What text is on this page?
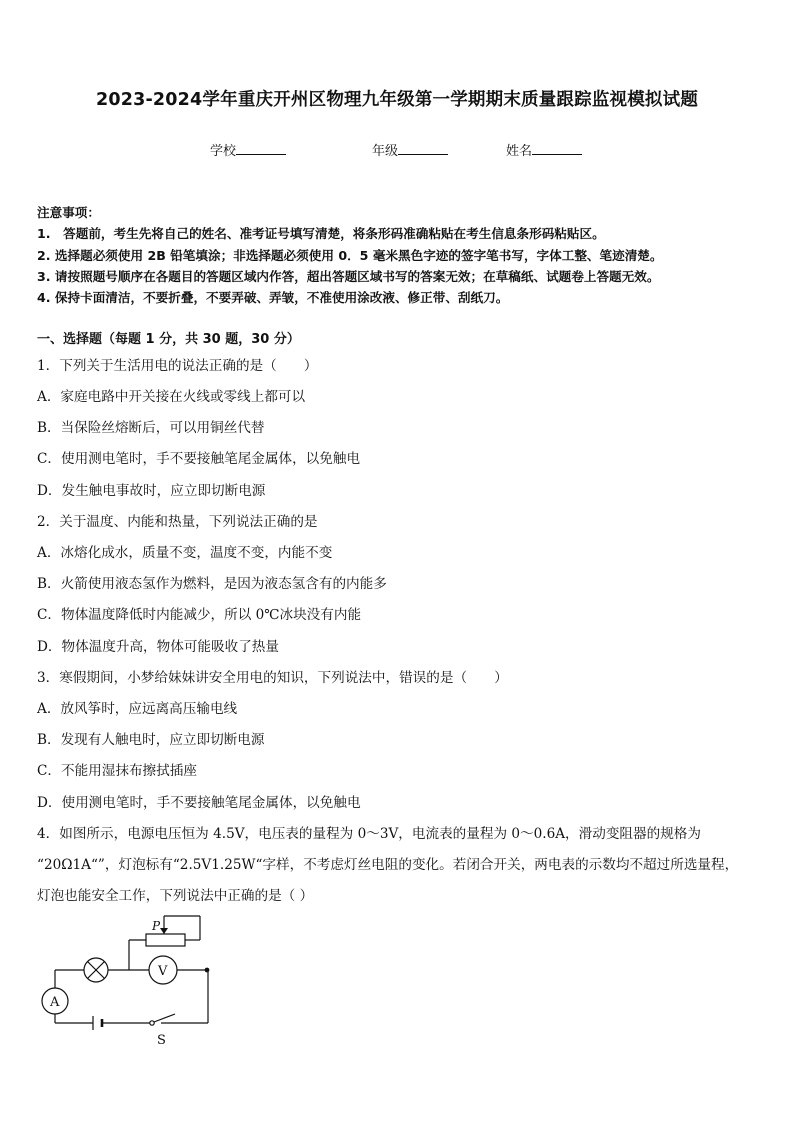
2023-2024学年重庆开州区物理九年级第一学期期末质量跟踪监视模拟试题
学校	年级	姓名
注意事项：
1.　答题前，考生先将自己的姓名、准考证号填写清楚，将条形码准确粘贴在考生信息条形码粘贴区。
2. 选择题必须使用 2B 铅笔填涂；非选择题必须使用 0．5 毫米黑色字迹的签字笔书写，字体工整、笔迹清楚。
3. 请按照题号顺序在各题目的答题区域内作答，超出答题区域书写的答案无效；在草稿纸、试题卷上答题无效。
4. 保持卡面清洁，不要折叠，不要弄破、弄皱，不准使用涂改液、修正带、刮纸刀。
一、选择题（每题 1 分，共 30 题，30 分）
1．下列关于生活用电的说法正确的是（　　）
A．家庭电路中开关接在火线或零线上都可以
B．当保险丝熔断后，可以用铜丝代替
C．使用测电笔时，手不要接触笔尾金属体，以免触电
D．发生触电事故时，应立即切断电源
2．关于温度、内能和热量，下列说法正确的是
A．冰熔化成水，质量不变，温度不变，内能不变
B．火箭使用液态氢作为燃料，是因为液态氢含有的内能多
C．物体温度降低时内能减少，所以 0℃冰块没有内能
D．物体温度升高，物体可能吸收了热量
3．寒假期间，小梦给妹妹讲安全用电的知识，下列说法中，错误的是（　　）
A．放风筝时，应远离高压输电线
B．发现有人触电时，应立即切断电源
C．不能用湿抹布擦拭插座
D．使用测电笔时，手不要接触笔尾金属体，以免触电
4．如图所示，电源电压恒为 4.5V，电压表的量程为 0～3V，电流表的量程为 0～0.6A，滑动变阻器的规格为
“20Ω1A“”，灯泡标有“2.5V1.25W“字样，不考虑灯丝电阻的变化。若闭合开关，两电表的示数均不超过所选量程，
灯泡也能安全工作，下列说法中正确的是（ ）
P
V
A
S
